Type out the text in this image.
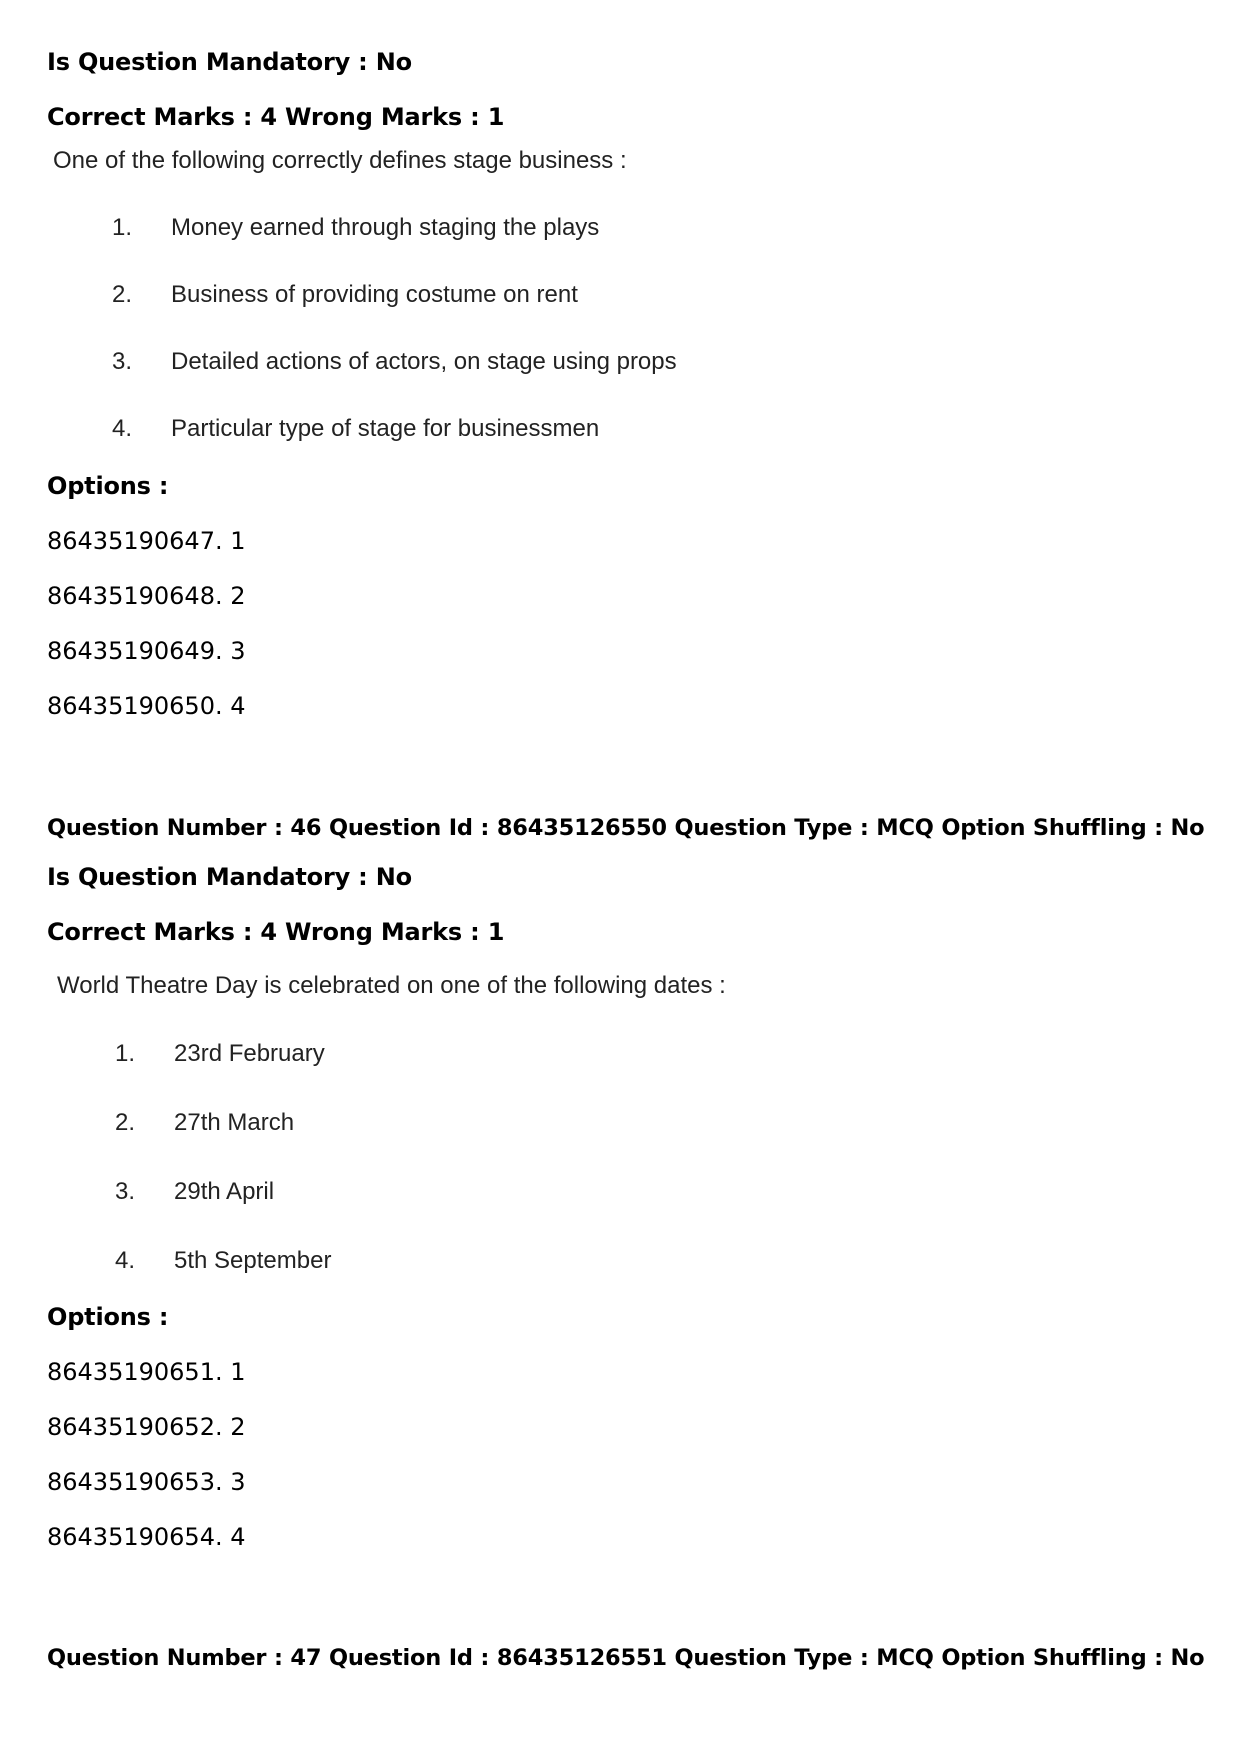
Is Question Mandatory : No
Correct Marks : 4 Wrong Marks : 1
One of the following correctly defines stage business :
1. Money earned through staging the plays
2. Business of providing costume on rent
3. Detailed actions of actors, on stage using props
4. Particular type of stage for businessmen
Options :
86435190647. 1
86435190648. 2
86435190649. 3
86435190650. 4
Question Number : 46 Question Id : 86435126550 Question Type : MCQ Option Shuffling : No
Is Question Mandatory : No
Correct Marks : 4 Wrong Marks : 1
World Theatre Day is celebrated on one of the following dates :
1. 23rd February
2. 27th March
3. 29th April
4. 5th September
Options :
86435190651. 1
86435190652. 2
86435190653. 3
86435190654. 4
Question Number : 47 Question Id : 86435126551 Question Type : MCQ Option Shuffling : No
